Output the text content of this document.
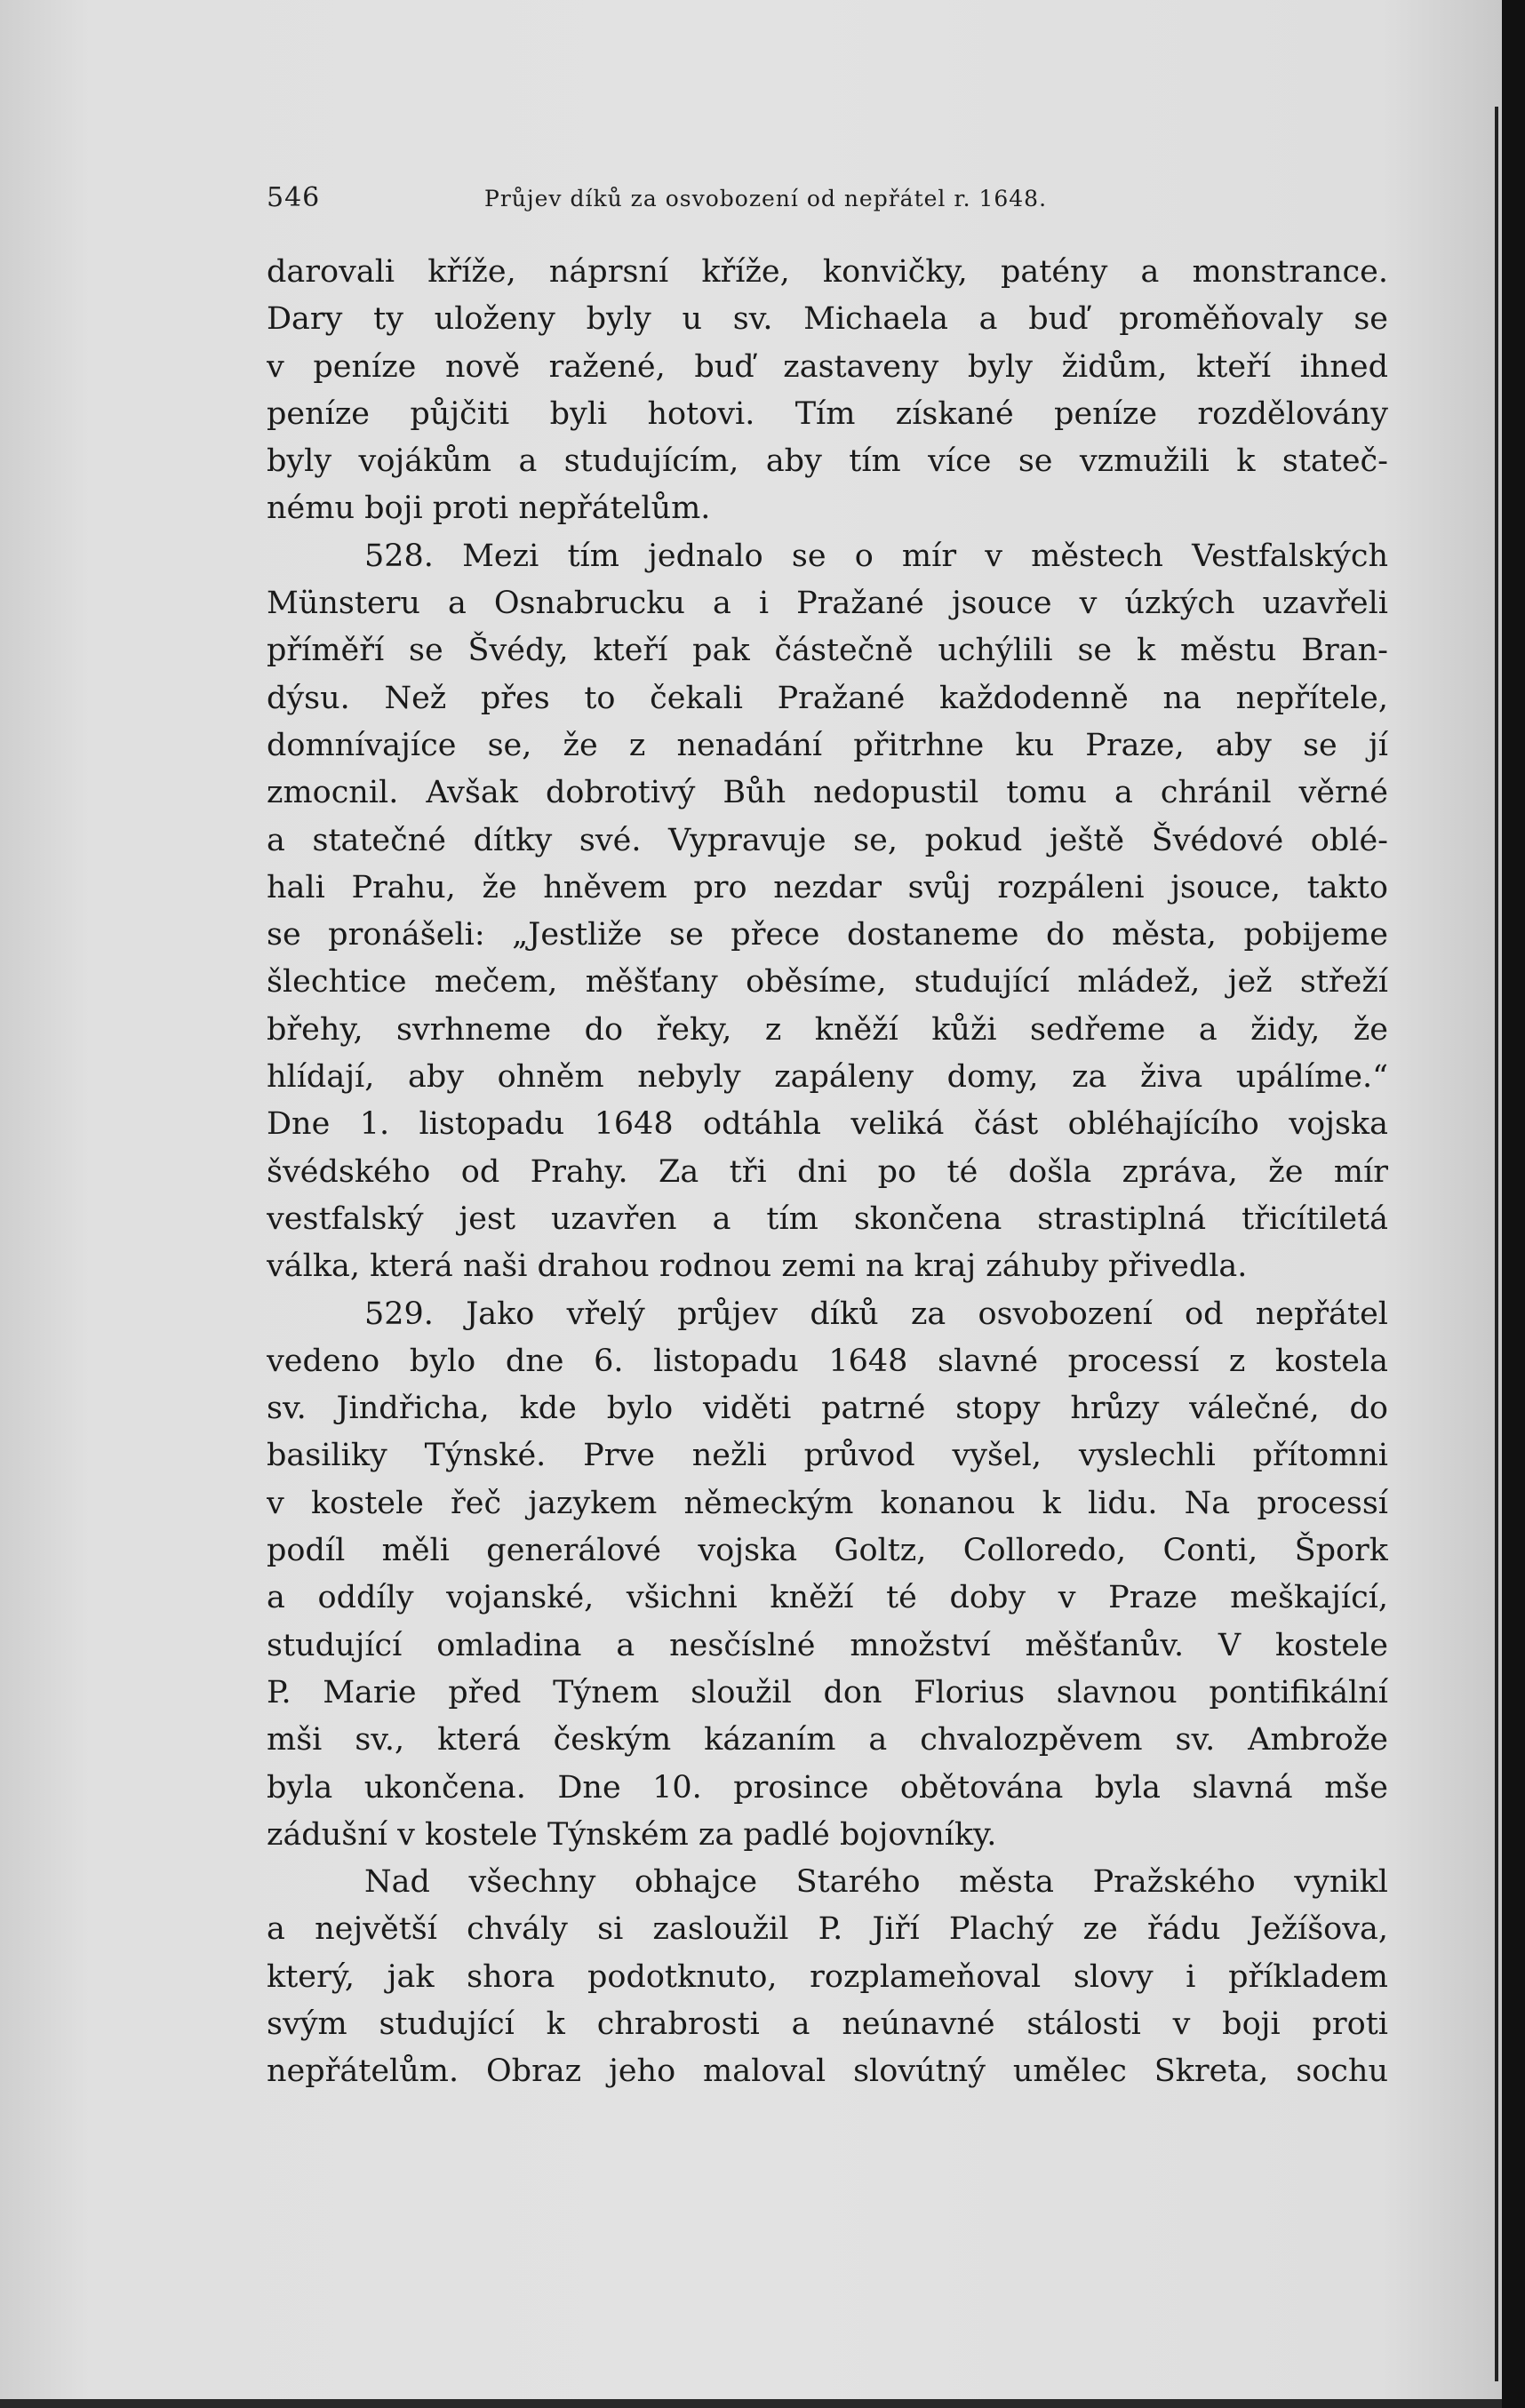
546	Průjev díků za osvobození od nepřátel r. 1648.
darovali kříže, náprsní kříže, konvičky, patény a monstrance.
Dary ty uloženy byly u sv. Michaela a buď proměňovaly se
v peníze nově ražené, buď zastaveny byly židům, kteří ihned
peníze půjčiti byli hotovi. Tím získané peníze rozdělovány
byly vojákům a studujícím, aby tím více se vzmužili k stateč-
nému boji proti nepřátelům.
528. Mezi tím jednalo se o mír v městech Vestfalských
Münsteru a Osnabrucku a i Pražané jsouce v úzkých uzavřeli
příměří se Švédy, kteří pak částečně uchýlili se k městu Bran-
dýsu. Než přes to čekali Pražané každodenně na nepřítele,
domnívajíce se, že z nenadání přitrhne ku Praze, aby se jí
zmocnil. Avšak dobrotivý Bůh nedopustil tomu a chránil věrné
a statečné dítky své. Vypravuje se, pokud ještě Švédové oblé-
hali Prahu, že hněvem pro nezdar svůj rozpáleni jsouce, takto
se pronášeli: „Jestliže se přece dostaneme do města, pobijeme
šlechtice mečem, měšťany oběsíme, studující mládež, jež střeží
břehy, svrhneme do řeky, z kněží kůži sedřeme a židy, že
hlídají, aby ohněm nebyly zapáleny domy, za živa upálíme.“
Dne 1. listopadu 1648 odtáhla veliká část obléhajícího vojska
švédského od Prahy. Za tři dni po té došla zpráva, že mír
vestfalský jest uzavřen a tím skončena strastiplná třicítiletá
válka, která naši drahou rodnou zemi na kraj záhuby přivedla.
529. Jako vřelý průjev díků za osvobození od nepřátel
vedeno bylo dne 6. listopadu 1648 slavné processí z kostela
sv. Jindřicha, kde bylo viděti patrné stopy hrůzy válečné, do
basiliky Týnské. Prve nežli průvod vyšel, vyslechli přítomni
v kostele řeč jazykem německým konanou k lidu. Na processí
podíl měli generálové vojska Goltz, Colloredo, Conti, Špork
a oddíly vojanské, všichni kněží té doby v Praze meškající,
studující omladina a nesčíslné množství měšťanův. V kostele
P. Marie před Týnem sloužil don Florius slavnou pontifikální
mši sv., která českým kázaním a chvalozpěvem sv. Ambrože
byla ukončena. Dne 10. prosince obětována byla slavná mše
zádušní v kostele Týnském za padlé bojovníky.
Nad všechny obhajce Starého města Pražského vynikl
a největší chvály si zasloužil P. Jiří Plachý ze řádu Ježíšova,
který, jak shora podotknuto, rozplameňoval slovy i příkladem
svým studující k chrabrosti a neúnavné stálosti v boji proti
nepřátelům. Obraz jeho maloval slovútný umělec Skreta, sochu
